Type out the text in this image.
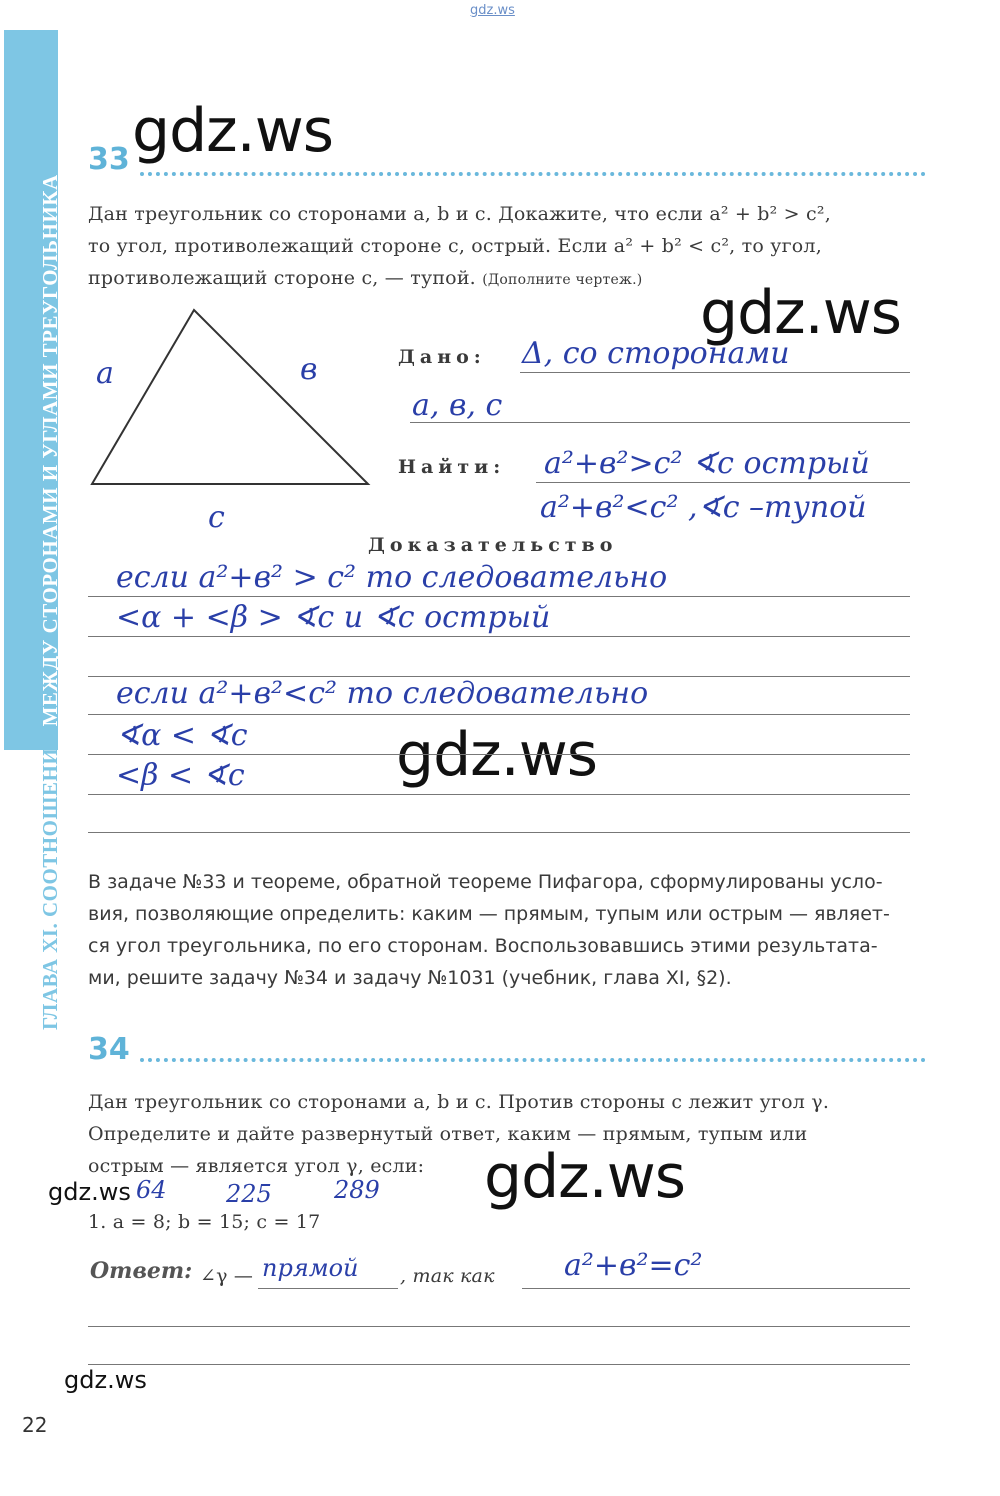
ГЛАВА XI. СООТНОШЕНИЯ МЕЖДУ СТОРОНАМИ И УГЛАМИ ТРЕУГОЛЬНИКА
gdz.ws
gdz.ws
gdz.ws
gdz.ws
gdz.ws
gdz.ws
gdz.ws
33
Дан треугольник со сторонами a, b и c. Докажите, что если a² + b² > c²,
то угол, противолежащий стороне c, острый. Если a² + b² < c², то угол,
противолежащий стороне c, — тупой. (Дополните чертеж.)
a	в
c
Дано: Δ, со сторонами
a, в, c
Найти: a²+в²>c² ∢c острый
a²+в²<c² ,∢c –тупой
Доказательство
если a²+в² > c² то следовательно
<α + <β > ∢c и ∢c острый
если a²+в²<c² то следовательно
∢α < ∢c
<β < ∢c
В задаче №33 и теореме, обратной теореме Пифагора, сформулированы усло-
вия, позволяющие определить: каким — прямым, тупым или острым — являет-
ся угол треугольника, по его сторонам. Воспользовавшись этими результата-
ми, решите задачу №34 и задачу №1031 (учебник, глава XI, §2).
34
Дан треугольник со сторонами a, b и c. Против стороны c лежит угол γ.
Определите и дайте развернутый ответ, каким — прямым, тупым или
острым — является угол γ, если:
64 225	289
1. a = 8; b = 15; c = 17
Ответ: ∠γ — прямой , так как a²+в²=c²
22
